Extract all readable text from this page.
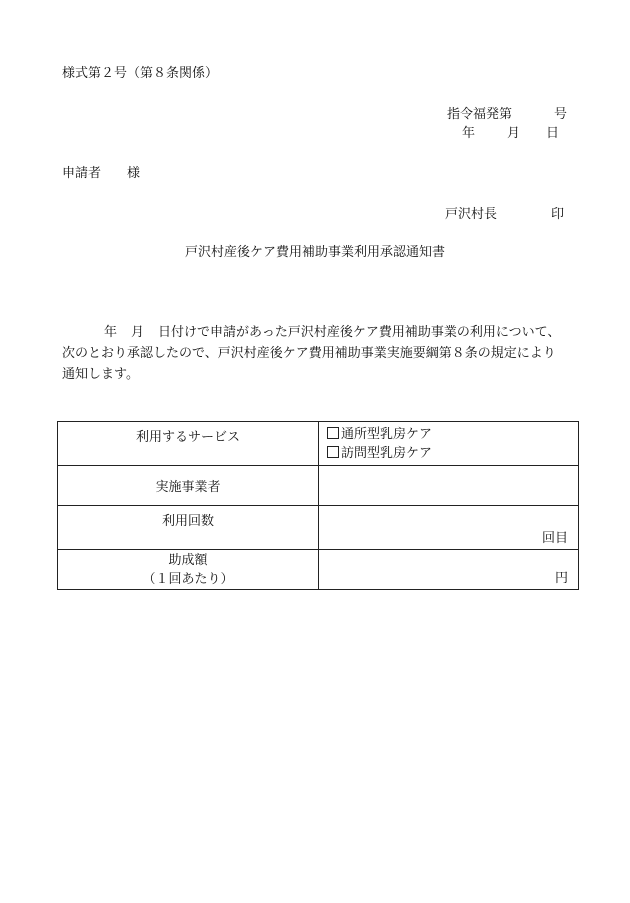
様式第２号（第８条関係）
指令福発第	号
年 月 日
申請者 様
戸沢村長	印
戸沢村産後ケア費用補助事業利用承認通知書
年 月 日付けで申請があった戸沢村産後ケア費用補助事業の利用について、
次のとおり承認したので、戸沢村産後ケア費用補助事業実施要綱第８条の規定により
通知します。
利用するサービス	通所型乳房ケア
訪問型乳房ケア

実施事業者	
利用回数	回目

助成額
（１回あたり）	円
